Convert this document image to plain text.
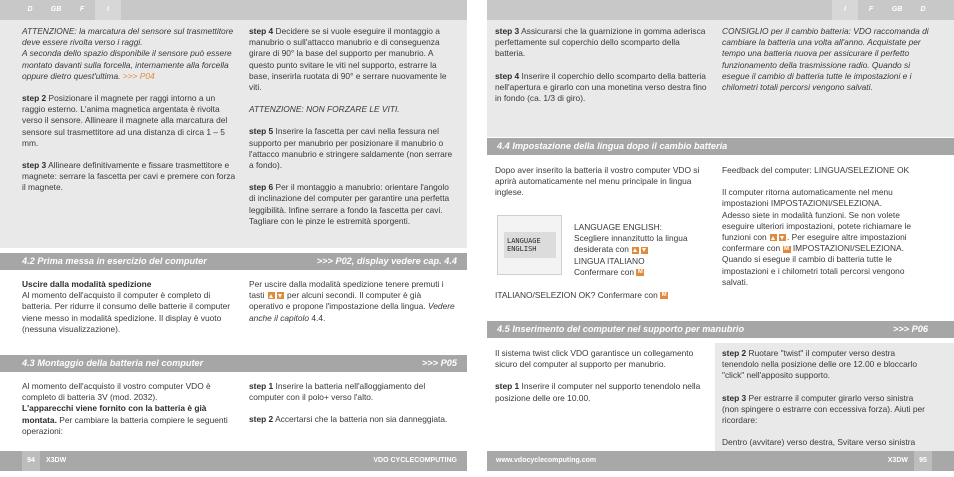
D	GB	F	I	I	F	GB	D

ATTENZIONE: la marcatura del sensore sul trasmettitore deve essere rivolta verso i raggi.

A seconda dello spazio disponibile il sensore può essere montato davanti sulla forcella, internamente alla forcella oppure dietro quest'ultima. >>> P04

step 2 Posizionare il magnete per raggi intorno a un raggio esterno. L'anima magnetica argentata è rivolta verso il sensore. Allineare il magnete alla marcatura del sensore sul trasmettitore ad una distanza di circa 1 – 5 mm.

step 3 Allineare definitivamente e fissare trasmettitore e magnete: serrare la fascetta per cavi e premere con forza il magnete.

step 4 Decidere se si vuole eseguire il montaggio a manubrio o sull'attacco manubrio e di conseguenza girare di 90° la base del supporto per manubrio. A questo punto svitare le viti nel supporto, estrarre la base, inserirla ruotata di 90° e serrare nuovamente le viti.

ATTENZIONE: NON FORZARE LE VITI.

step 5 Inserire la fascetta per cavi nella fessura nel supporto per manubrio per posizionare il manubrio o l'attacco manubrio e stringere saldamente (non serrare a fondo).

step 6 Per il montaggio a manubrio: orientare l'angolo di inclinazione del computer per garantire una perfetta leggibilità. Infine serrare a fondo la fascetta per cavi. Tagliare con le pinze le estremità sporgenti.

4.2 Prima messa in esercizio del computer	>>> P02, display vedere cap. 4.4
Uscire dalla modalità spedizione
Al momento dell'acquisto il computer è completo di batteria. Per ridurre il consumo delle batterie il computer viene messo in modalità spedizione. Il display è vuoto (nessuna visualizzazione).
Per uscire dalla modalità spedizione tenere premuti i tasti	per alcuni secondi. Il computer è già operativo e propone l'impostazione della lingua. Vedere anche il capitolo 4.4.
4.3 Montaggio della batteria nel computer	>>> P05
Al momento dell'acquisto il vostro computer VDO è completo di batteria 3V (mod. 2032).
L'apparecchi viene fornito con la batteria è già montata. Per cambiare la batteria compiere le seguenti operazioni:

step 1 Inserire la batteria nell'alloggiamento del computer con il polo+ verso l'alto.

step 2 Accertarsi che la batteria non sia danneggiata.

step 3 Assicurarsi che la guarnizione in gomma aderisca perfettamente sul coperchio dello scomparto della batteria.

step 4 Inserire il coperchio dello scomparto della batteria nell'apertura e girarlo con una monetina verso destra fino in fondo (ca. 1/3 di giro).

CONSIGLIO per il cambio batteria: VDO raccomanda di cambiare la batteria una volta all'anno. Acquistate per tempo una batteria nuova per assicurare il perfetto funzionamento della trasmissione radio. Quando si esegue il cambio di batteria tutte le impostazioni e i chilometri totali percorsi vengono salvati.
4.4 Impostazione della lingua dopo il cambio batteria
Dopo aver inserito la batteria il vostro computer VDO si aprirà automaticamente nel menu principale in lingua inglese.
LANGUAGE
ENGLISH
LANGUAGE ENGLISH:
Scegliere innanzitutto la lingua desiderata con
LINGUA ITALIANO
Confermare con M
ITALIANO/SELEZION OK? Confermare con M

Feedback del computer: LINGUA/SELEZIONE OK

Il computer ritorna automaticamente nel menu impostazioni IMPOSTAZIONI/SELEZIONA.
Adesso siete in modalità funzioni. Se non volete eseguire ulteriori impostazioni, potete richiamare le funzioni con . Per eseguire altre impostazioni confermare con M IMPOSTAZIONI/SELEZIONA. Quando si esegue il cambio di batteria tutte le impostazioni e i chilometri totali percorsi vengono salvati.
4.5 Inserimento del computer nel supporto per manubrio	>>> P06

Il sistema twist click VDO garantisce un collegamento sicuro del computer al supporto per manubrio.

step 1 Inserire il computer nel supporto tenendolo nella posizione delle ore 10.00.

step 2 Ruotare "twist" il computer verso destra tenendolo nella posizione delle ore 12.00 e bloccarlo "click" nell'apposito supporto.

step 3 Per estrarre il computer girarlo verso sinistra (non spingere o estrarre con eccessiva forza). Aiuti per ricordare:

Dentro (avvitare) verso destra, Svitare verso sinistra

94	X3DW	VDO CYCLECOMPUTING	www.vdocyclecomputing.com	X3DW	95
